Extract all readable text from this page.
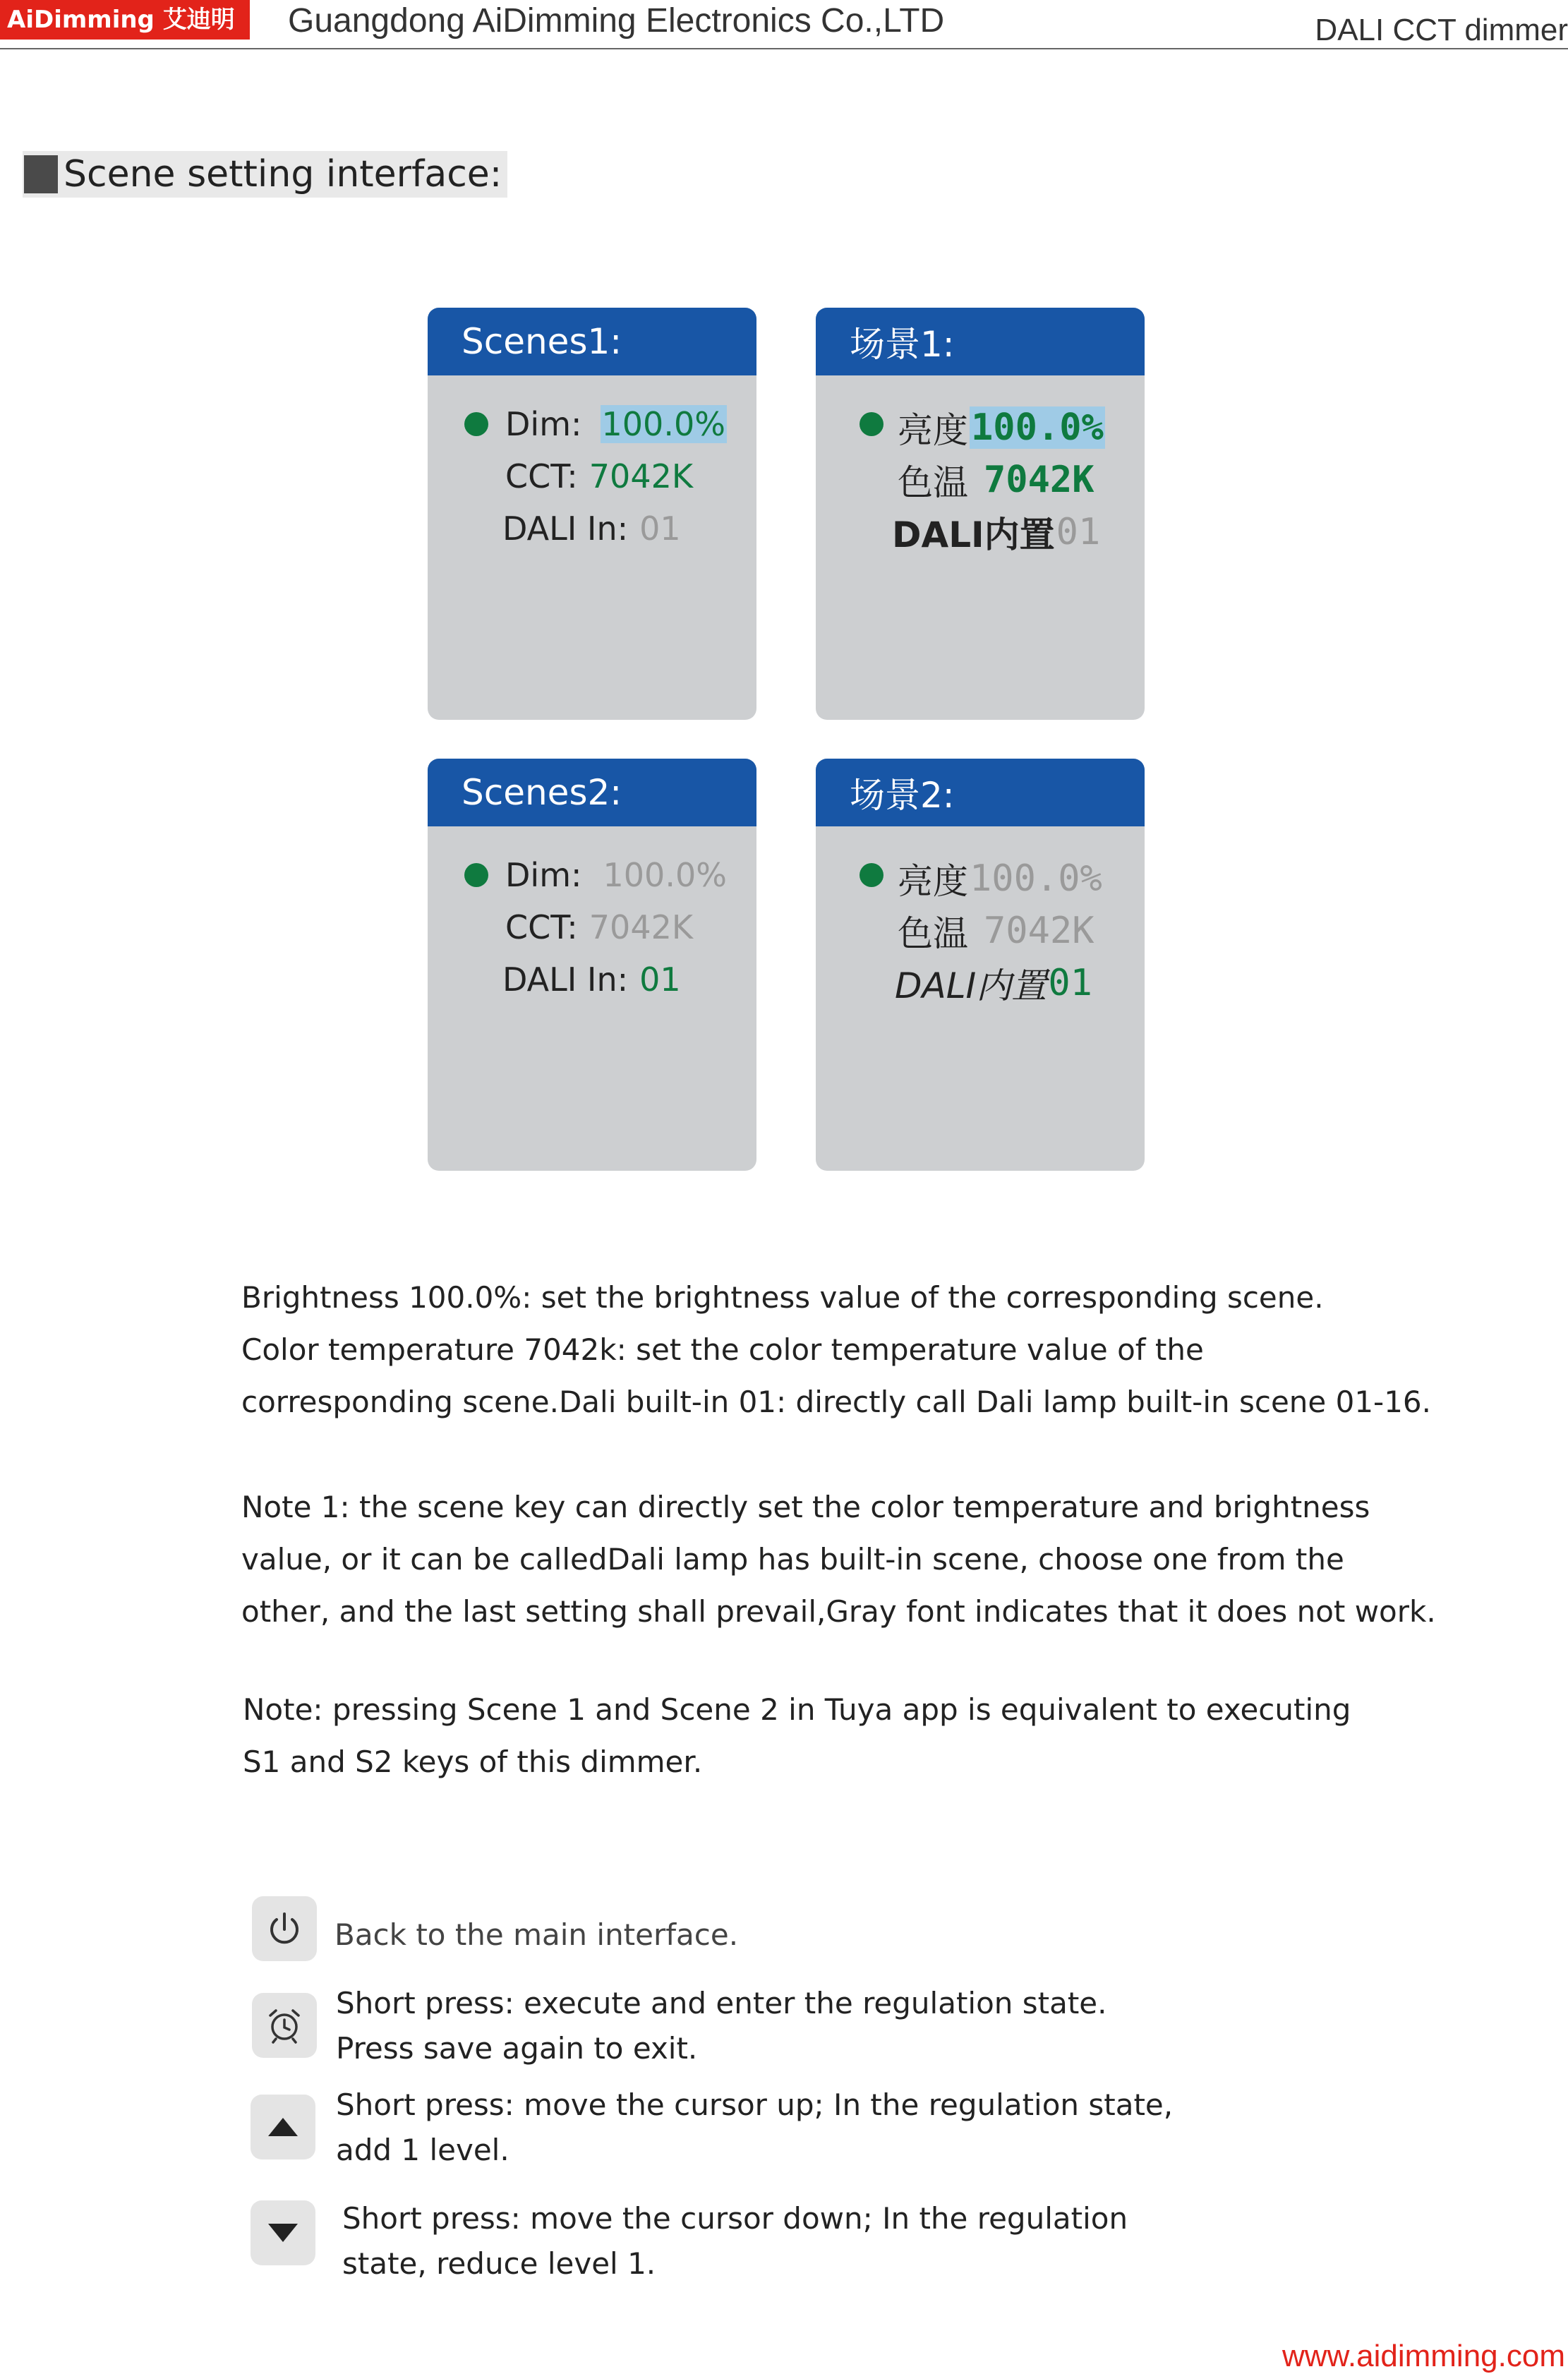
AiDimming 艾迪明	Guangdong AiDimming Electronics Co.,LTD	DALI CCT dimmer
Scene setting interface:
Scenes1:
Dim: 100.0%
CCT: 7042K
DALI In: 01
场景1:
亮度 100.0%
色温 7042K
DALI内置 01
Scenes2:
Dim: 100.0%
CCT: 7042K
DALI In: 01
场景2:
亮度 100.0%
色温 7042K
DALI内置 01
Brightness 100.0%: set the brightness value of the corresponding scene.
Color temperature 7042k: set the color temperature value of the
corresponding scene.Dali built-in 01: directly call Dali lamp built-in scene 01-16.
Note 1: the scene key can directly set the color temperature and brightness
value, or it can be calledDali lamp has built-in scene, choose one from the
other, and the last setting shall prevail,Gray font indicates that it does not work.
Note: pressing Scene 1 and Scene 2 in Tuya app is equivalent to executing
S1 and S2 keys of this dimmer.
Back to the main interface.
Short press: execute and enter the regulation state.
Press save again to exit.
Short press: move the cursor up; In the regulation state,
add 1 level.
Short press: move the cursor down; In the regulation
state, reduce level 1.
www.aidimming.com
